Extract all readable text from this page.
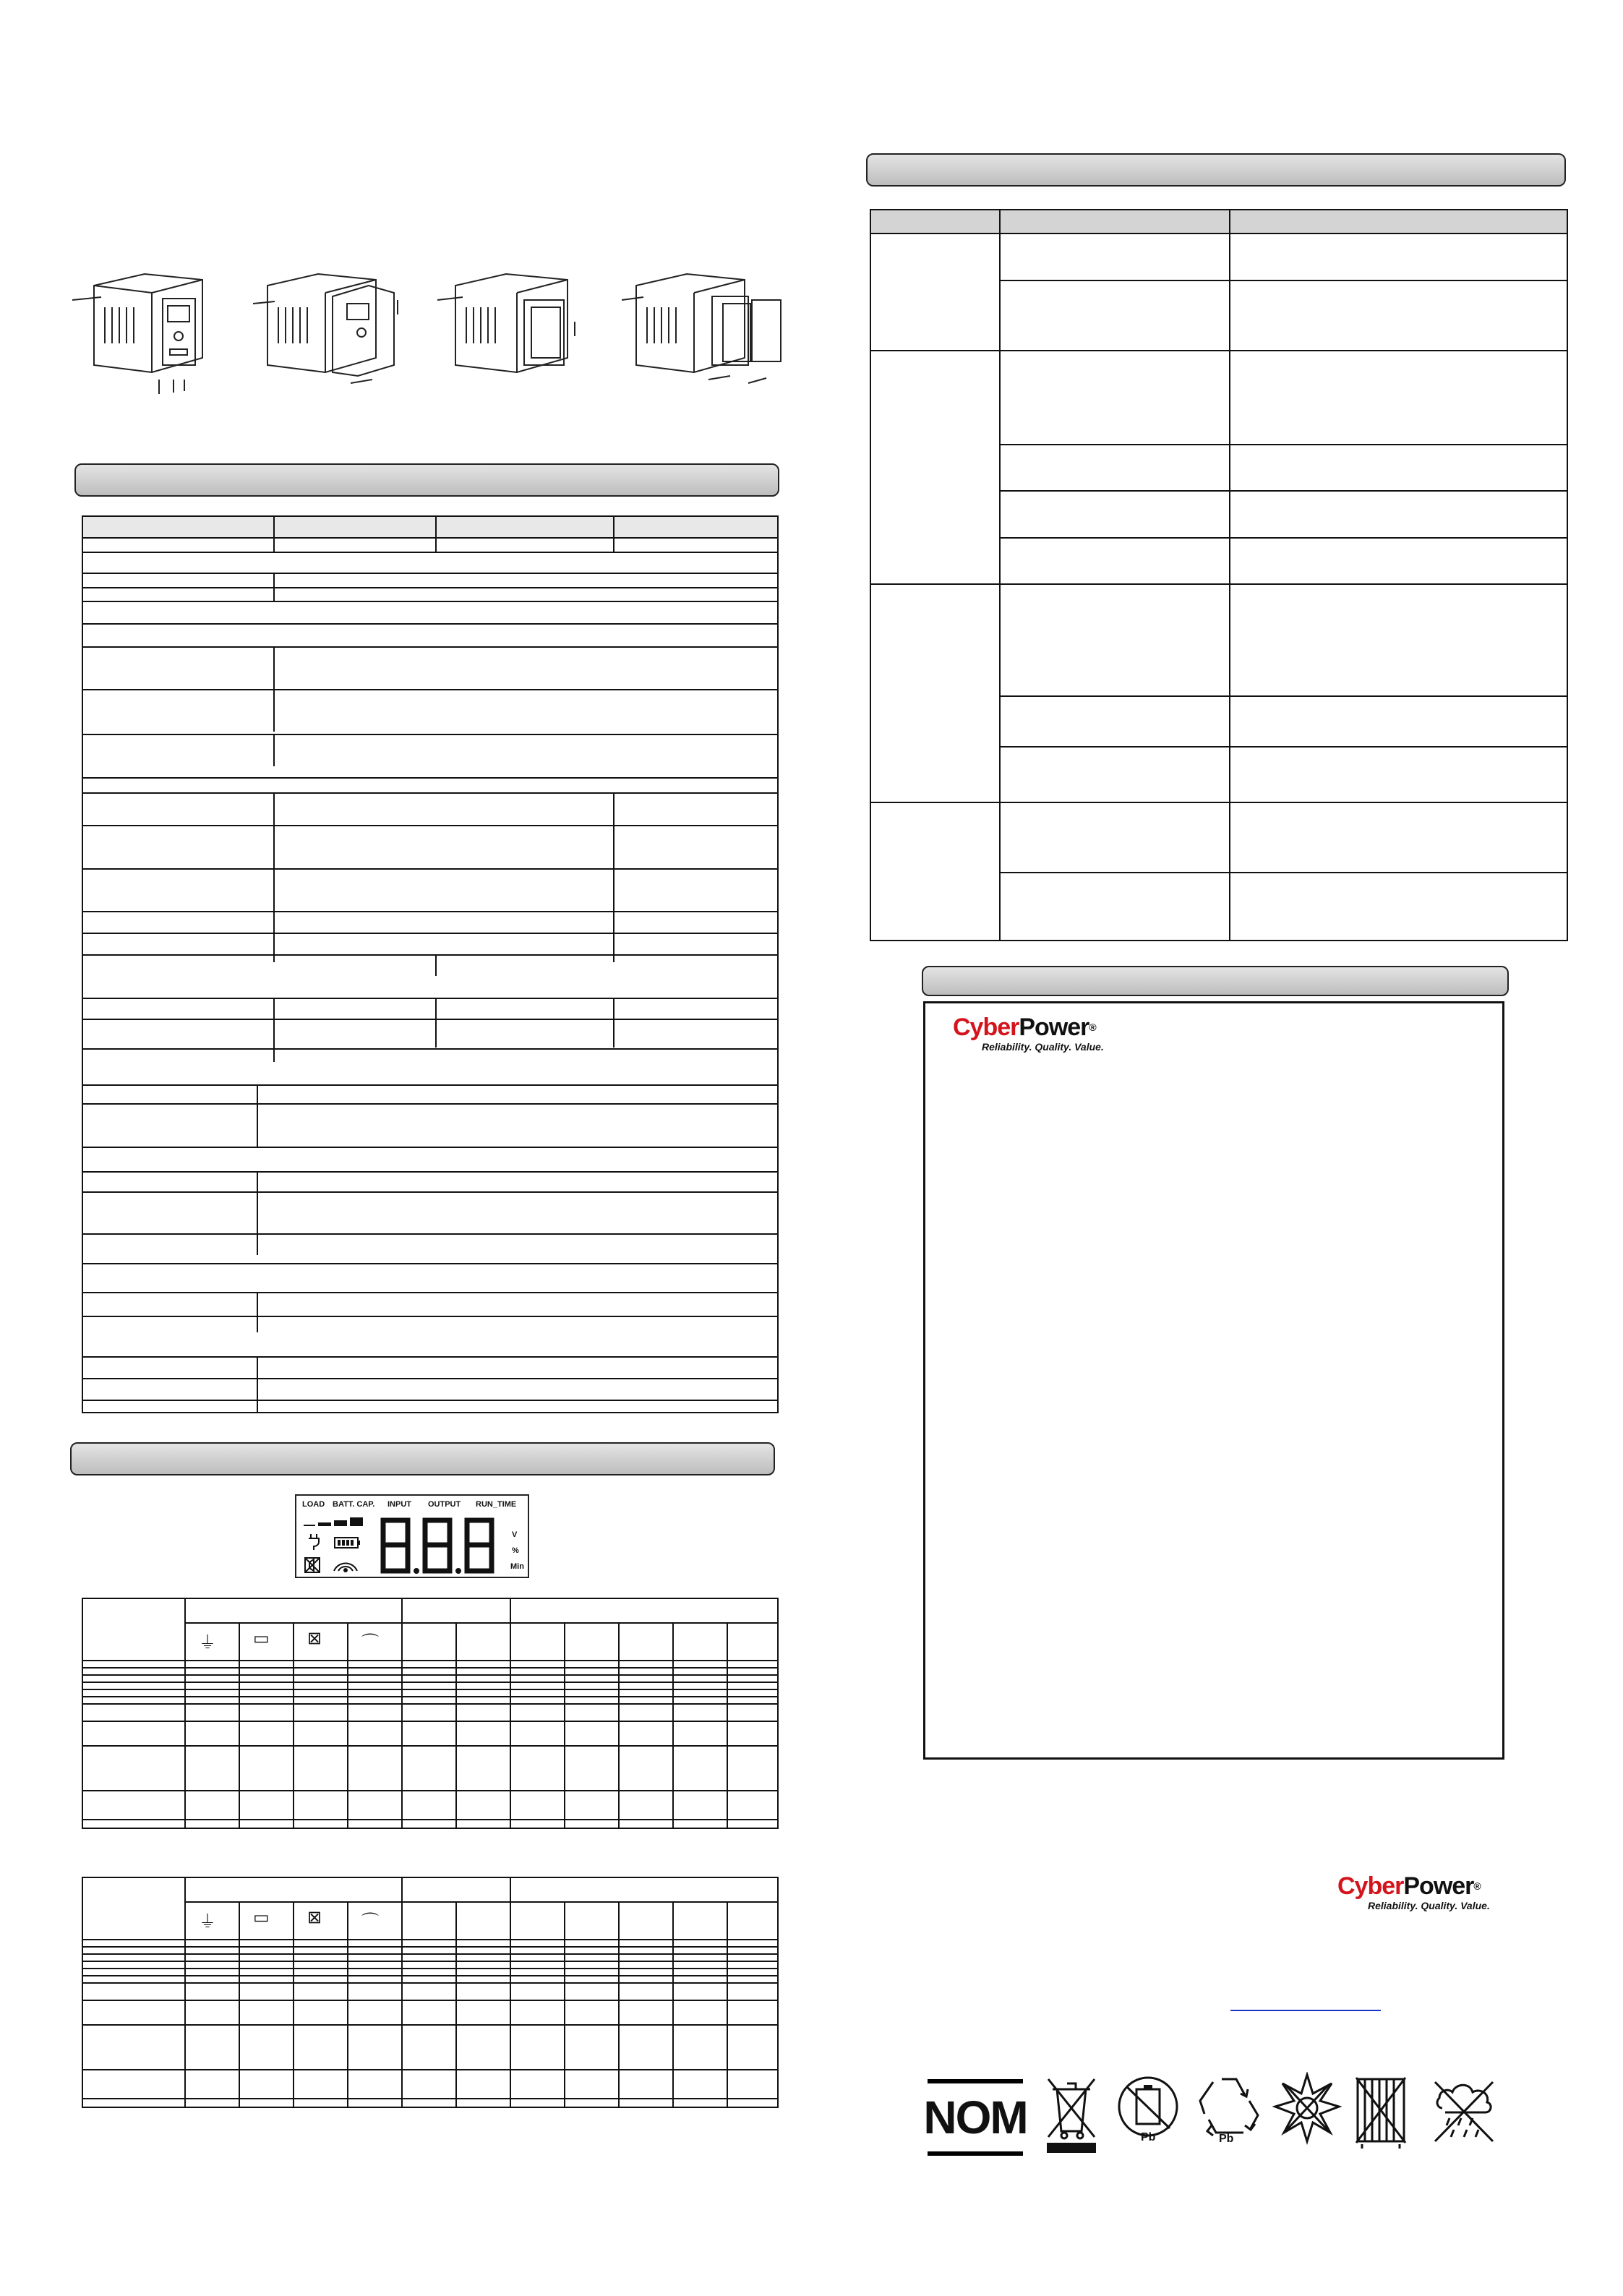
LOAD BATT. CAP. INPUT OUTPUT RUN_TIME
V
%
Min
⏚ ▭ ⊠ ⌒
⏚ ▭ ⊠ ⌒
CyberPower®
Reliability. Quality. Value.
CyberPower®
Reliability. Quality. Value.
NOM	Pb	Pb
